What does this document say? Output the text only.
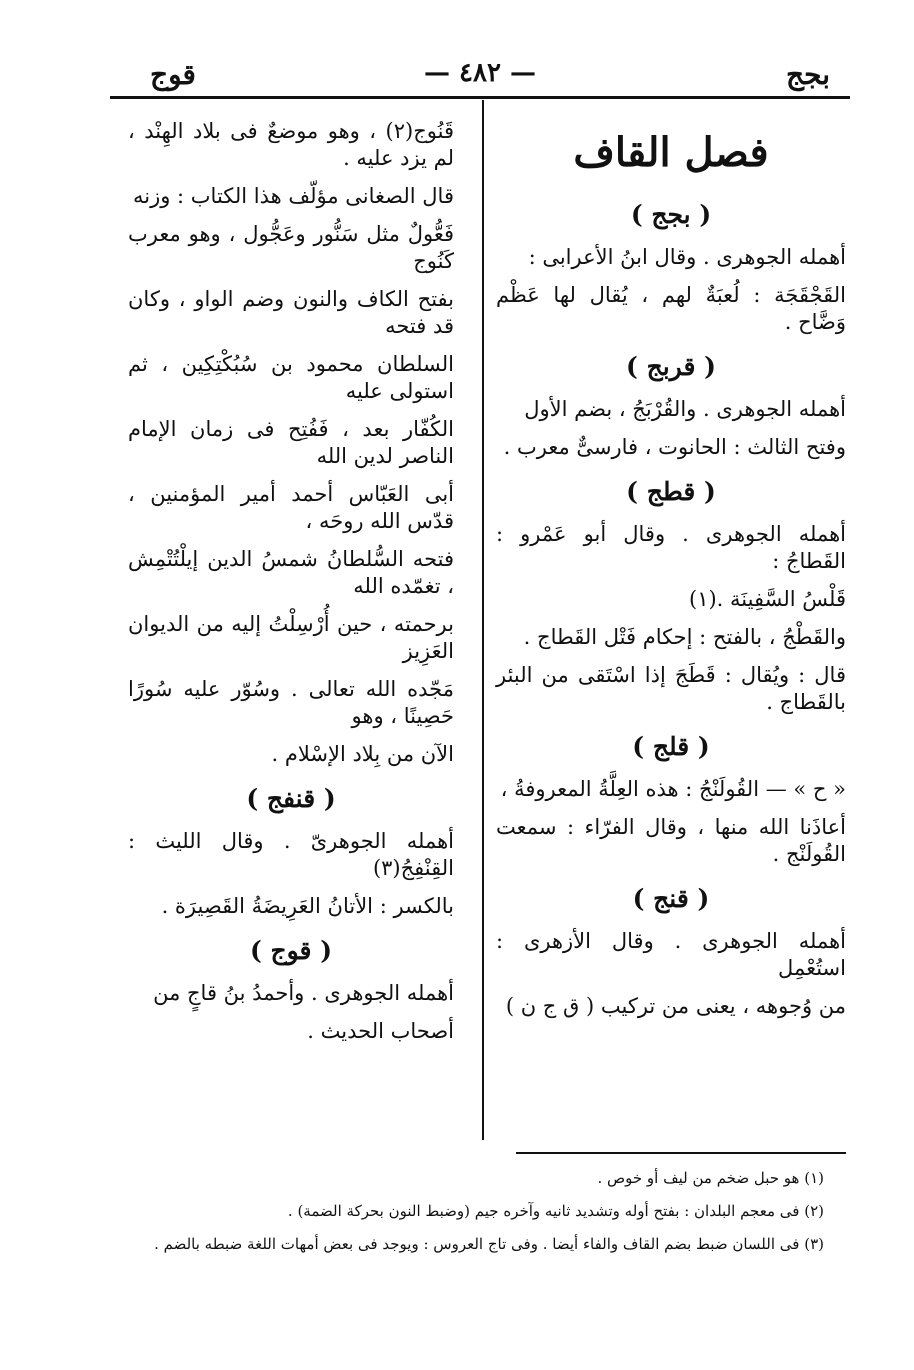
بجج
— ٤٨٢ —
قوج
فصل القاف
( بجج )
أهمله الجوهرى . وقال ابنُ الأعرابى :
القَجْقَجَة : لُعبَةٌ لهم ، يُقال لها عَظْم وَضَّاح .
( قربج )
أهمله الجوهرى . والقُرْبَجُ ، بضم الأول
وفتح الثالث : الحانوت ، فارسىٌّ معرب .
( قطج )
أهمله الجوهرى . وقال أبو عَمْرو : القَطاجُ :
قَلْسُ السَّفِينَة .(١)
والقَطْجُ ، بالفتح : إحكام فَتْل القَطاج .
قال : ويُقال : قَطَجَ إذا اسْتَقى من البئر بالقَطاج .
( قلج )
« ح » — القُولَنْجُ : هذه العِلَّةُ المعروفةُ ،
أعاذَنا الله منها ، وقال الفرّاء : سمعت القُولَنْج .
( قنج )
أهمله الجوهرى . وقال الأزهرى : استُعْمِل
من وُجوهه ، يعنى من تركيب ( ق ج ن )
قَنُوج(٢) ، وهو موضعٌ فى بلاد الهِنْد ، لم يزد عليه .
قال الصغانى مؤلّف هذا الكتاب : وزنه
فَعُّولٌ مثل سَنُّور وعَجُّول ، وهو معرب كَنُوج
بفتح الكاف والنون وضم الواو ، وكان قد فتحه
السلطان محمود بن سُبُكْتِكِين ، ثم استولى عليه
الكُفّار بعد ، فَفُتِح فى زمان الإمام الناصر لدين الله
أبى العَبّاس أحمد أمير المؤمنين ، قدّس الله روحَه ،
فتحه السُّلطانُ شمسُ الدين إيلْتُتْمِش ، تغمّده الله
برحمته ، حين أُرْسِلْتُ إليه من الديوان العَزِيز
مَجّده الله تعالى . وسُوّر عليه سُورًا حَصِينًا ، وهو
الآن من بِلاد الإسْلام .
( قنفج )
أهمله الجوهرىّ . وقال الليث : القِنْفِجُ(٣)
بالكسر : الأتانُ العَرِيضَةُ القَصِيرَة .
( قوج )
أهمله الجوهرى . وأحمدُ بنُ قاجٍ من
أصحاب الحديث .
(١) هو حبل ضخم من ليف أو خوص .
(٢) فى معجم البلدان : بفتح أوله وتشديد ثانيه وآخره جيم (وضبط النون بحركة الضمة) .
(٣) فى اللسان ضبط بضم القاف والفاء أيضا . وفى تاج العروس : ويوجد فى بعض أمهات اللغة ضبطه بالضم .
